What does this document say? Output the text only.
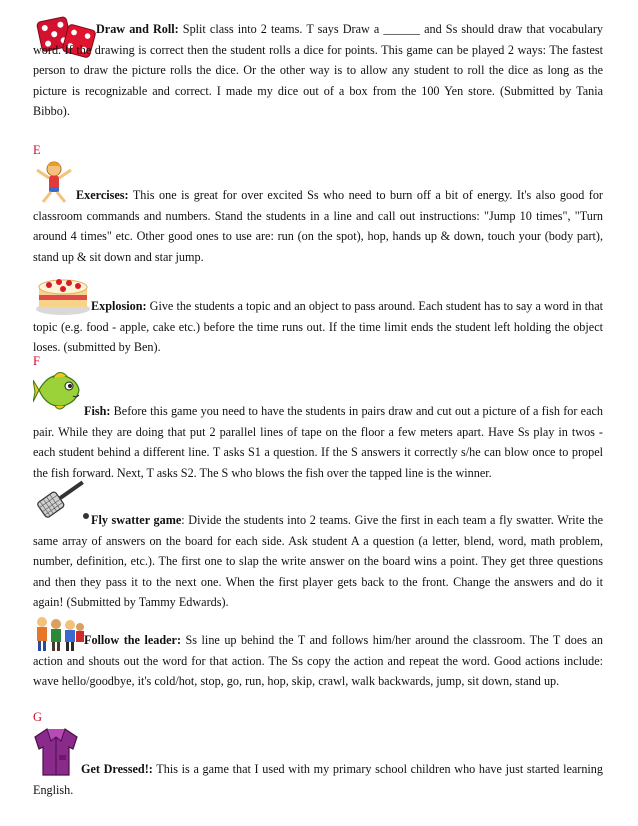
E
F
G

Draw and Roll: Split class into 2 teams. T says Draw a ______ and Ss should draw that vocabulary word. If the drawing is correct then the student rolls a dice for points. This game can be played 2 ways: The fastest person to draw the picture rolls the dice. Or the other way is to allow any student to roll the dice as long as the picture is recognizable and correct. I made my dice out of a box from the 100 Yen store. (Submitted by Tania Bibbo).

Exercises: This one is great for over excited Ss who need to burn off a bit of energy. It's also good for classroom commands and numbers. Stand the students in a line and call out instructions: "Jump 10 times", "Turn around 4 times" etc. Other good ones to use are: run (on the spot), hop, hands up & down, touch your (body part), stand up & sit down and star jump.

Explosion: Give the students a topic and an object to pass around. Each student has to say a word in that topic (e.g. food - apple, cake etc.) before the time runs out. If the time limit ends the student left holding the object loses. (submitted by Ben).

Fish: Before this game you need to have the students in pairs draw and cut out a picture of a fish for each pair. While they are doing that put 2 parallel lines of tape on the floor a few meters apart. Have Ss play in twos - each student behind a different line. T asks S1 a question. If the S answers it correctly s/he can blow once to propel the fish forward. Next, T asks S2. The S who blows the fish over the tapped line is the winner.

Fly swatter game: Divide the students into 2 teams. Give the first in each team a fly swatter. Write the same array of answers on the board for each side. Ask student A a question (a letter, blend, word, math problem, number, definition, etc.). The first one to slap the write answer on the board wins a point. They get three questions and then they pass it to the next one. When the first player gets back to the front. Change the answers and do it again! (Submitted by Tammy Edwards).

Follow the leader: Ss line up behind the T and follows him/her around the classroom. The T does an action and shouts out the word for that action. The Ss copy the action and repeat the word. Good actions include: wave hello/goodbye, it's cold/hot, stop, go, run, hop, skip, crawl, walk backwards, jump, sit down, stand up.

Get Dressed!: This is a game that I used with my primary school children who have just started learning English.
